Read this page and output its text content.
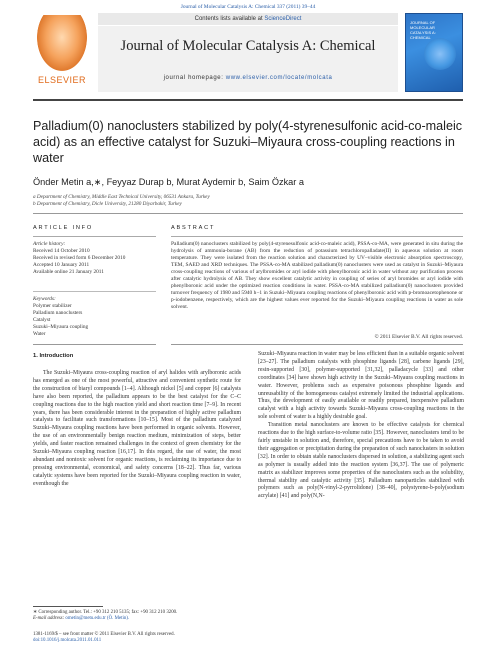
Journal of Molecular Catalysis A: Chemical 337 (2011) 39–44
ELSEVIER
Contents lists available at ScienceDirect
Journal of Molecular Catalysis A: Chemical
journal homepage: www.elsevier.com/locate/molcata
JOURNAL OF MOLECULAR CATALYSIS A: CHEMICAL
Palladium(0) nanoclusters stabilized by poly(4-styrenesulfonic acid-co-maleic acid) as an effective catalyst for Suzuki–Miyaura cross-coupling reactions in water
Önder Metin a,∗, Feyyaz Durap b, Murat Aydemir b, Saim Özkar a
a Department of Chemistry, Middle East Technical University, 06531 Ankara, Turkey
b Department of Chemistry, Dicle University, 21280 Diyarbakir, Turkey
ARTICLE INFO	ABSTRACT
Article history:
Received 14 October 2010
Received in revised form 6 December 2010
Accepted 10 January 2011
Available online 21 January 2011
Keywords:
Polymer stabilizer
Palladium nanoclusters
Catalyst
Suzuki–Miyaura coupling
Water
Palladium(0) nanoclusters stabilized by poly(4-styrenesulfonic acid-co-maleic acid), PSSA-co-MA, were generated in situ during the hydrolysis of ammonia-borane (AB) from the reduction of potassium tetrachloropalladate(II) in aqueous solution at room temperature. They were isolated from the reaction solution and characterized by UV–visible electronic absorption spectroscopy, TEM, SAED and XRD techniques. The PSSA-co-MA stabilized palladium(0) nanoclusters were used as catalyst in Suzuki–Miyaura cross-coupling reactions of various of arylbromides or aryl iodide with phenylboronic acid in water without any purification process after catalytic hydrolysis of AB. They show excellent catalytic activity in coupling of series of aryl bromides or aryl iodide with phenylboronic acid under the optimized reaction conditions in water. PSSA-co-MA stabilized palladium(0) nanoclusters provided turnover frequency of 1980 and 5940 h−1 in Suzuki–Miyaura coupling reactions of phenylboronic acid with p-bromoacetophenone or p-iodobenzene, respectively, which are the highest values ever reported for the Suzuki–Miyaura coupling reactions in water as sole solvent.
© 2011 Elsevier B.V. All rights reserved.
1. Introduction

The Suzuki–Miyaura cross-coupling reaction of aryl halides with arylboronic acids has emerged as one of the most powerful, attractive and convenient synthetic route for the construction of biaryl compounds [1–4]. Although nickel [5] and copper [6] catalysts have also been reported, the palladium appears to be the best catalyst for the C–C coupling reactions due to the high reaction yield and short reaction time [7–9]. In recent years, there has been considerable interest in the preparation of highly active palladium catalysts to facilitate such transformations [10–15]. Most of the palladium catalyzed Suzuki–Miyaura coupling reactions have been performed in organic solvents. However, the use of an environmentally benign reaction medium, minimization of steps, better yields, and faster reaction remained challenges in the context of green chemistry for the Suzuki–Miyaura coupling reaction [16,17]. In this regard, the use of water, the most abundant and nontoxic solvent for organic reactions, is reclaiming its importance due to pressing environmental, economical, and safety concerns [18–22]. Thus far, various catalytic systems have been reported for the Suzuki–Miyaura coupling reaction in water, eventhough the

Suzuki–Miyaura reaction in water may be less efficient than in a suitable organic solvent [23–27]. The palladium catalysts with phosphine ligands [28], carbene ligands [29], resin-supported [30], polymer-supported [31,32], palladacycle [33] and other coordinates [34] have shown high activity in the Suzuki–Miyaura coupling reactions in water. However, problems such as expensive poisonous phosphine ligands and unreusability of the homogeneous catalyst extremely limited the industrial applications. Thus, the development of easily available or readily prepared, inexpensive palladium catalyst with a high activity towards Suzuki–Miyaura cross-coupling reactions in the sole solvent of water is a highly desirable goal.

Transition metal nanoclusters are known to be effective catalysts for chemical reactions due to the high surface-to-volume ratio [35]. However, nanoclusters tend to be fairly unstable in solution and, therefore, special precautions have to be taken to avoid their aggregation or precipitation during the preparation of such nanoclusters in solution [32]. In order to obtain stable nanoclusters dispersed in solution, a stabilizing agent such as polymer is usually added into the reaction system [36,37]. The use of polymeric matrix as stabilizer improves some properties of the nanoclusters such as the solubility, thermal stability and catalytic activity [35]. Palladium nanoparticles stabilized with polymers such as poly(N-vinyl-2-pyrrolidone) [38–40], polystyrene-b-poly(sodium acrylate) [41] and poly(N,N-

∗ Corresponding author. Tel.: +90 312 210 5135; fax: +90 312 210 3200.
E-mail address: ometin@metu.edu.tr (Ö. Metin).
1381-1169/$ – see front matter © 2011 Elsevier B.V. All rights reserved.
doi:10.1016/j.molcata.2011.01.011
